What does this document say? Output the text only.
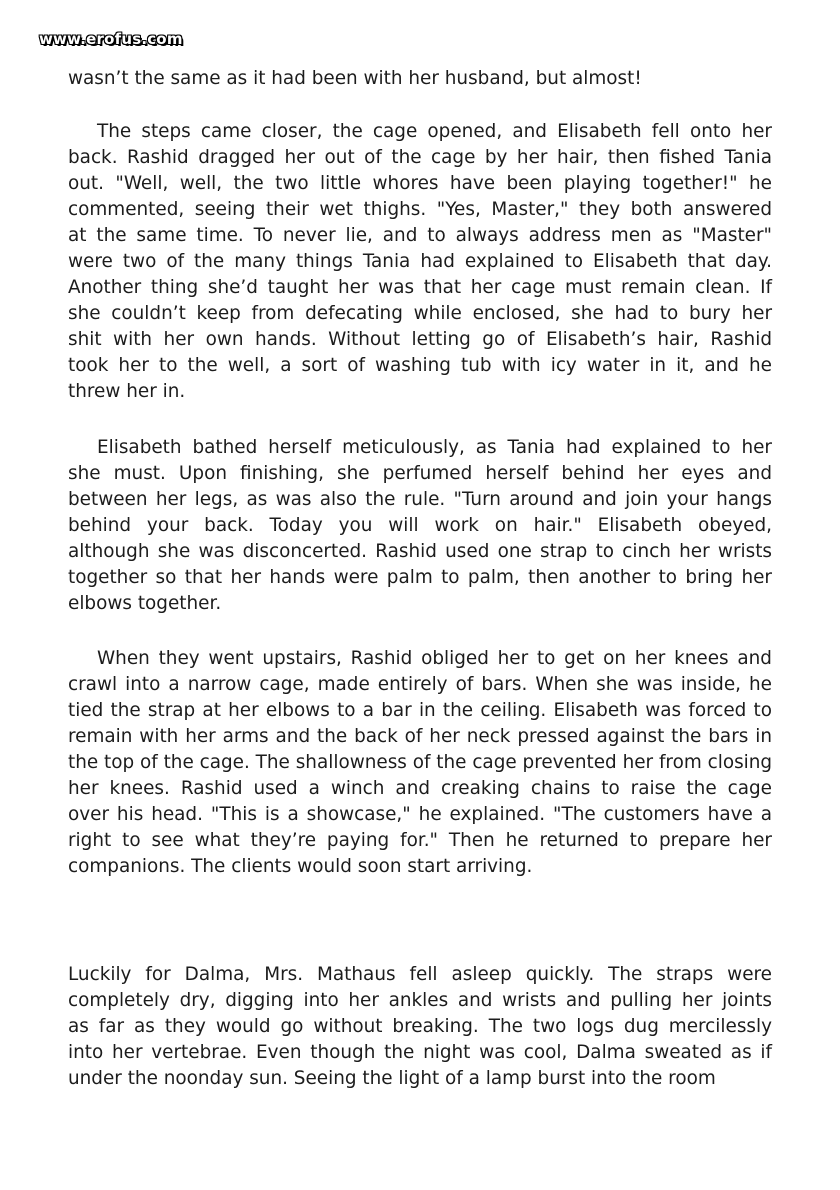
www.erofus.com
wasn’t the same as it had been with her husband, but almost!
The steps came closer, the cage opened, and Elisabeth fell onto her
back. Rashid dragged her out of the cage by her hair, then fished Tania
out. "Well, well, the two little whores have been playing together!" he
commented, seeing their wet thighs. "Yes, Master," they both answered
at the same time. To never lie, and to always address men as "Master"
were two of the many things Tania had explained to Elisabeth that day.
Another thing she’d taught her was that her cage must remain clean. If
she couldn’t keep from defecating while enclosed, she had to bury her
shit with her own hands. Without letting go of Elisabeth’s hair, Rashid
took her to the well, a sort of washing tub with icy water in it, and he
threw her in.
Elisabeth bathed herself meticulously, as Tania had explained to her
she must. Upon finishing, she perfumed herself behind her eyes and
between her legs, as was also the rule. "Turn around and join your hangs
behind your back. Today you will work on hair." Elisabeth obeyed,
although she was disconcerted. Rashid used one strap to cinch her wrists
together so that her hands were palm to palm, then another to bring her
elbows together.
When they went upstairs, Rashid obliged her to get on her knees and
crawl into a narrow cage, made entirely of bars. When she was inside, he
tied the strap at her elbows to a bar in the ceiling. Elisabeth was forced to
remain with her arms and the back of her neck pressed against the bars in
the top of the cage. The shallowness of the cage prevented her from closing
her knees. Rashid used a winch and creaking chains to raise the cage
over his head. "This is a showcase," he explained. "The customers have a
right to see what they’re paying for." Then he returned to prepare her
companions. The clients would soon start arriving.
Luckily for Dalma, Mrs. Mathaus fell asleep quickly. The straps were
completely dry, digging into her ankles and wrists and pulling her joints
as far as they would go without breaking. The two logs dug mercilessly
into her vertebrae. Even though the night was cool, Dalma sweated as if
under the noonday sun. Seeing the light of a lamp burst into the room
